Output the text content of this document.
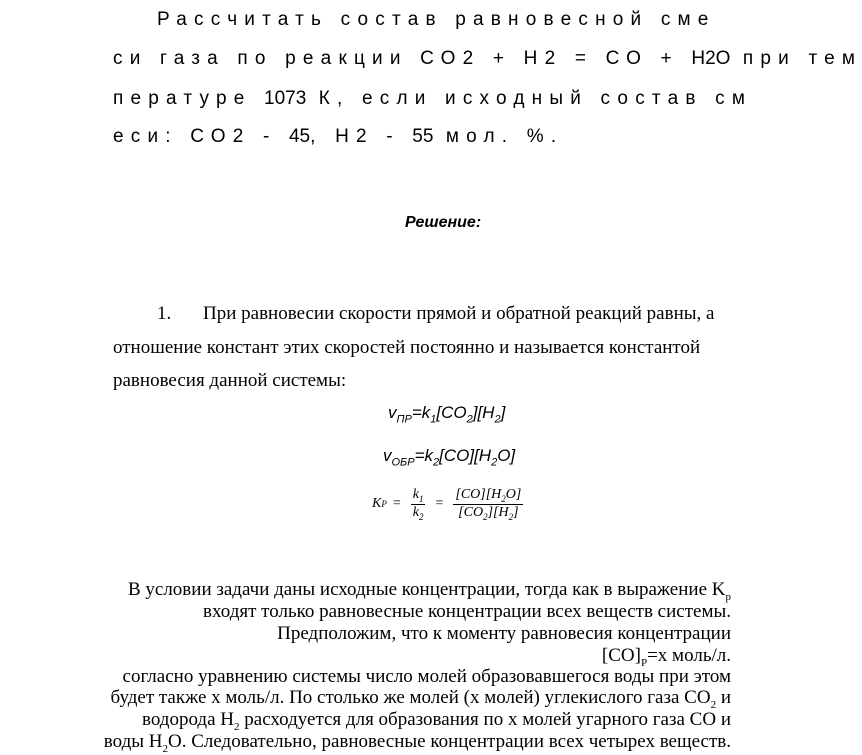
Рассчитать состав равновесной сме
си газа по реакции СО2 + Н2 = СО + H2O при тем
пературе 1073 К, если исходный состав см
еси: СО2 - 45, Н2 - 55 мол. %.
Решение:
1. При равновесии скорости прямой и обратной реакций равны, а
отношение констант этих скоростей постоянно и называется константой
равновесия данной системы:
$v_{ПР}=k_1[CO_2][H_2]$
$v_{ОБР}=k_2[CO][H_2O]$
K $P = \frac{k_1}{k_2} = \frac{[CO][H_2O]}{[CO_2][H_2]}$
В условии задачи даны исходные концентрации, тогда как в выражение $K_p$
входят только равновесные концентрации всех веществ системы.
Предположим, что к моменту равновесия концентрации
$[CO]_P=х$ моль/л.
согласно уравнению системы число молей образовавшегося воды при этом
будет также х моль/л. По столько же молей (х молей) углекислого газа $CO_2$ и
водорода $H_2$ расходуется для образования по х молей угарного газа CO и
воды $H_2O$. Следовательно, равновесные концентрации всех четырех веществ.
